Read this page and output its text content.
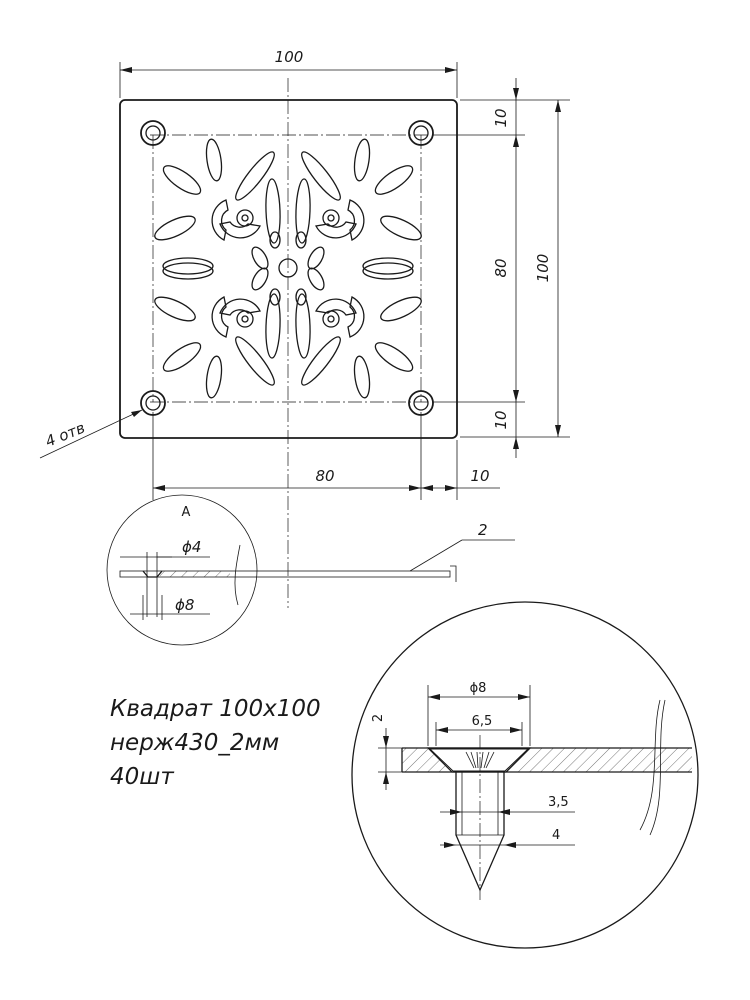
100
100
80
10
10
80	10
4 отв
A
ϕ4
ϕ8
2
Квадрат 100х100
нерж430_2мм
40шт
ϕ8
6,5
2
3,5
4
